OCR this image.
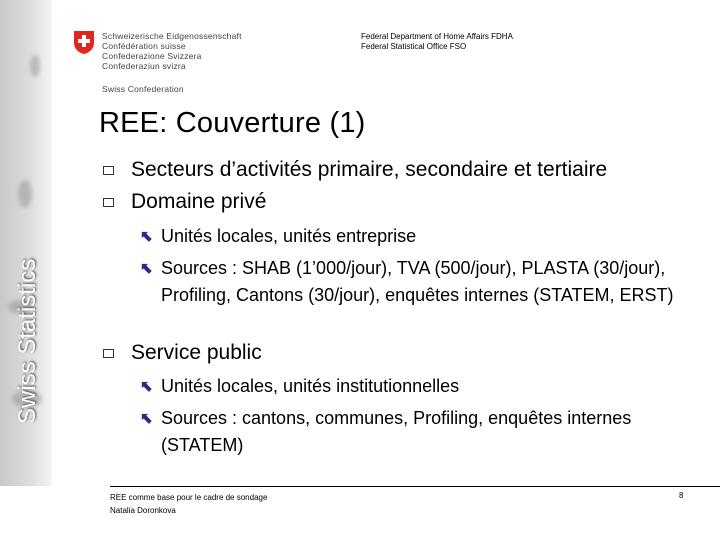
Swiss Statistics
Schweizerische Eidgenossenschaft
Confédération suisse
Confederazione Svizzera
Confederaziun svizra
Swiss Confederation
Federal Department of Home Affairs FDHA
Federal Statistical Office FSO
REE: Couverture (1)
Secteurs d’activités primaire, secondaire et tertiaire
Domaine privé
⬉ Unités locales, unités entreprise
⬉ Sources : SHAB (1’000/jour), TVA (500/jour), PLASTA (30/jour), Profiling, Cantons (30/jour), enquêtes internes (STATEM, ERST)
Service public
⬉ Unités locales, unités institutionnelles
⬉ Sources : cantons, communes, Profiling, enquêtes internes (STATEM)
REE comme base pour le cadre de sondage
Natalia Doronkova
8
